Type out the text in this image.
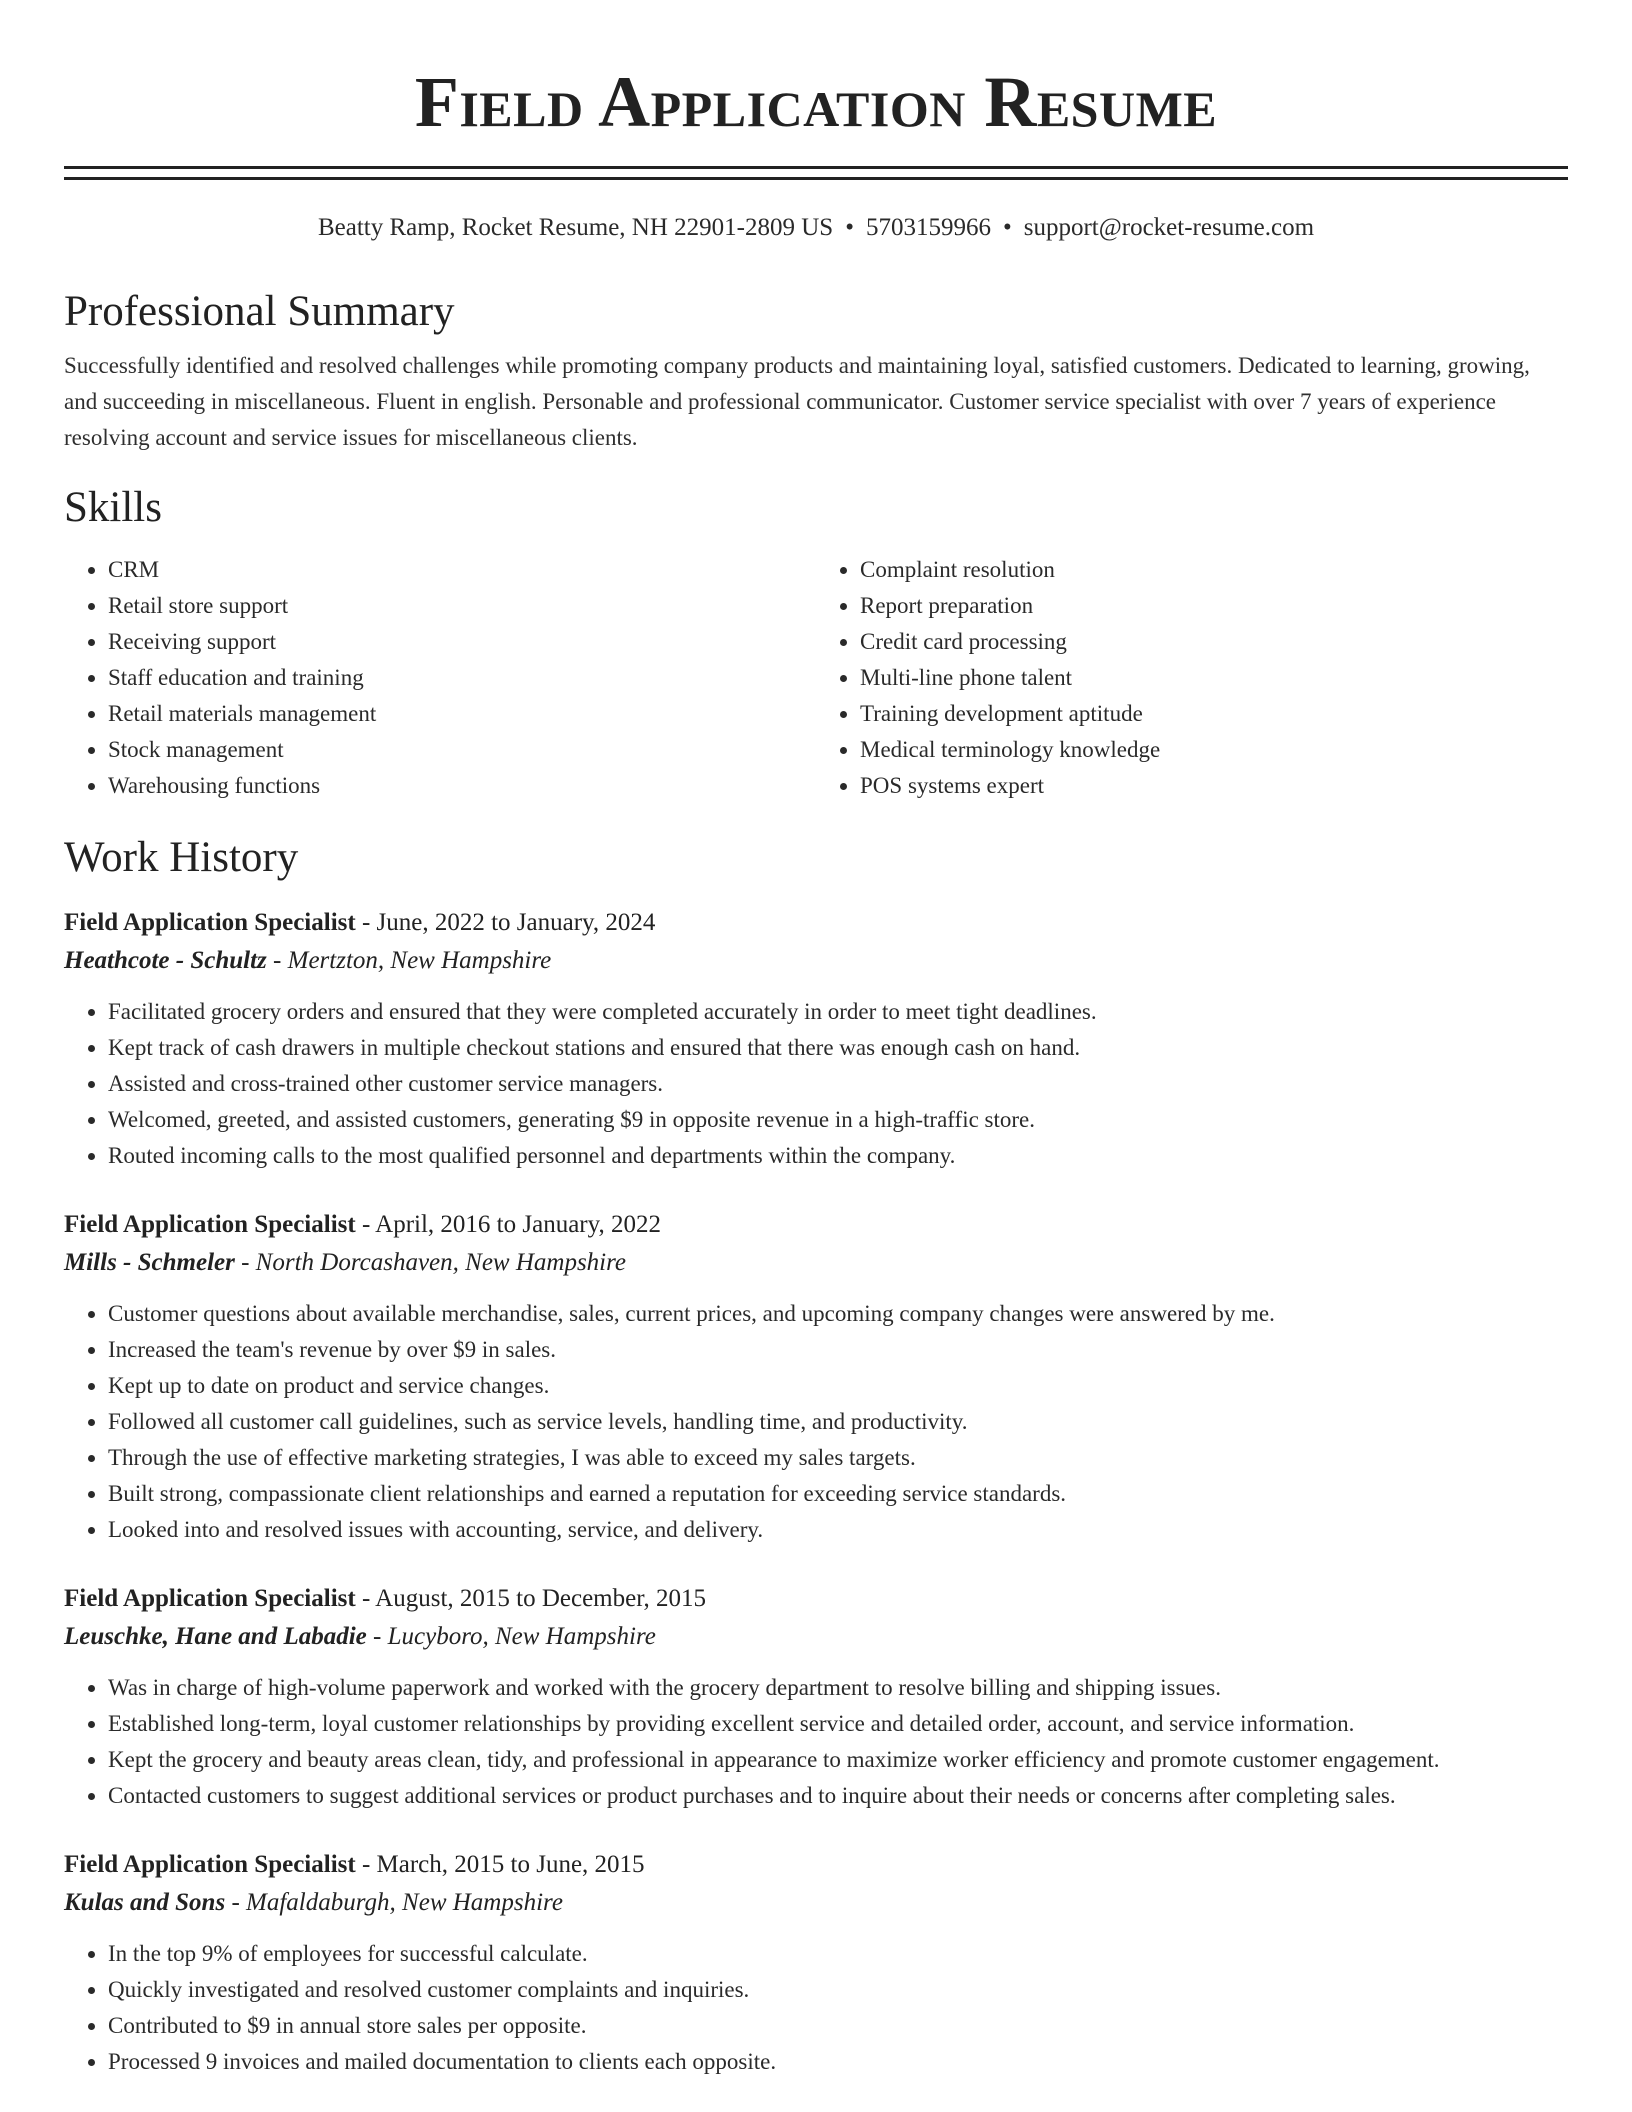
Field Application Resume
Beatty Ramp, Rocket Resume, NH 22901-2809 US • 5703159966 • support@rocket-resume.com
Professional Summary

Successfully identified and resolved challenges while promoting company products and maintaining loyal, satisfied customers. Dedicated to learning, growing, and succeeding in miscellaneous. Fluent in english. Personable and professional communicator. Customer service specialist with over 7 years of experience resolving account and service issues for miscellaneous clients.

Skills
• CRM
• Retail store support
• Receiving support
• Staff education and training
• Retail materials management
• Stock management
• Warehousing functions
• Complaint resolution
• Report preparation
• Credit card processing
• Multi-line phone talent
• Training development aptitude
• Medical terminology knowledge
• POS systems expert
Work History
Field Application Specialist - June, 2022 to January, 2024
Heathcote - Schultz - Mertzton, New Hampshire
• Facilitated grocery orders and ensured that they were completed accurately in order to meet tight deadlines.
• Kept track of cash drawers in multiple checkout stations and ensured that there was enough cash on hand.
• Assisted and cross-trained other customer service managers.
• Welcomed, greeted, and assisted customers, generating $9 in opposite revenue in a high-traffic store.
• Routed incoming calls to the most qualified personnel and departments within the company.
Field Application Specialist - April, 2016 to January, 2022
Mills - Schmeler - North Dorcashaven, New Hampshire
• Customer questions about available merchandise, sales, current prices, and upcoming company changes were answered by me.
• Increased the team's revenue by over $9 in sales.
• Kept up to date on product and service changes.
• Followed all customer call guidelines, such as service levels, handling time, and productivity.
• Through the use of effective marketing strategies, I was able to exceed my sales targets.
• Built strong, compassionate client relationships and earned a reputation for exceeding service standards.
• Looked into and resolved issues with accounting, service, and delivery.
Field Application Specialist - August, 2015 to December, 2015
Leuschke, Hane and Labadie - Lucyboro, New Hampshire
• Was in charge of high-volume paperwork and worked with the grocery department to resolve billing and shipping issues.
• Established long-term, loyal customer relationships by providing excellent service and detailed order, account, and service information.
• Kept the grocery and beauty areas clean, tidy, and professional in appearance to maximize worker efficiency and promote customer engagement.
• Contacted customers to suggest additional services or product purchases and to inquire about their needs or concerns after completing sales.
Field Application Specialist - March, 2015 to June, 2015
Kulas and Sons - Mafaldaburgh, New Hampshire
• In the top 9% of employees for successful calculate.
• Quickly investigated and resolved customer complaints and inquiries.
• Contributed to $9 in annual store sales per opposite.
• Processed 9 invoices and mailed documentation to clients each opposite.
